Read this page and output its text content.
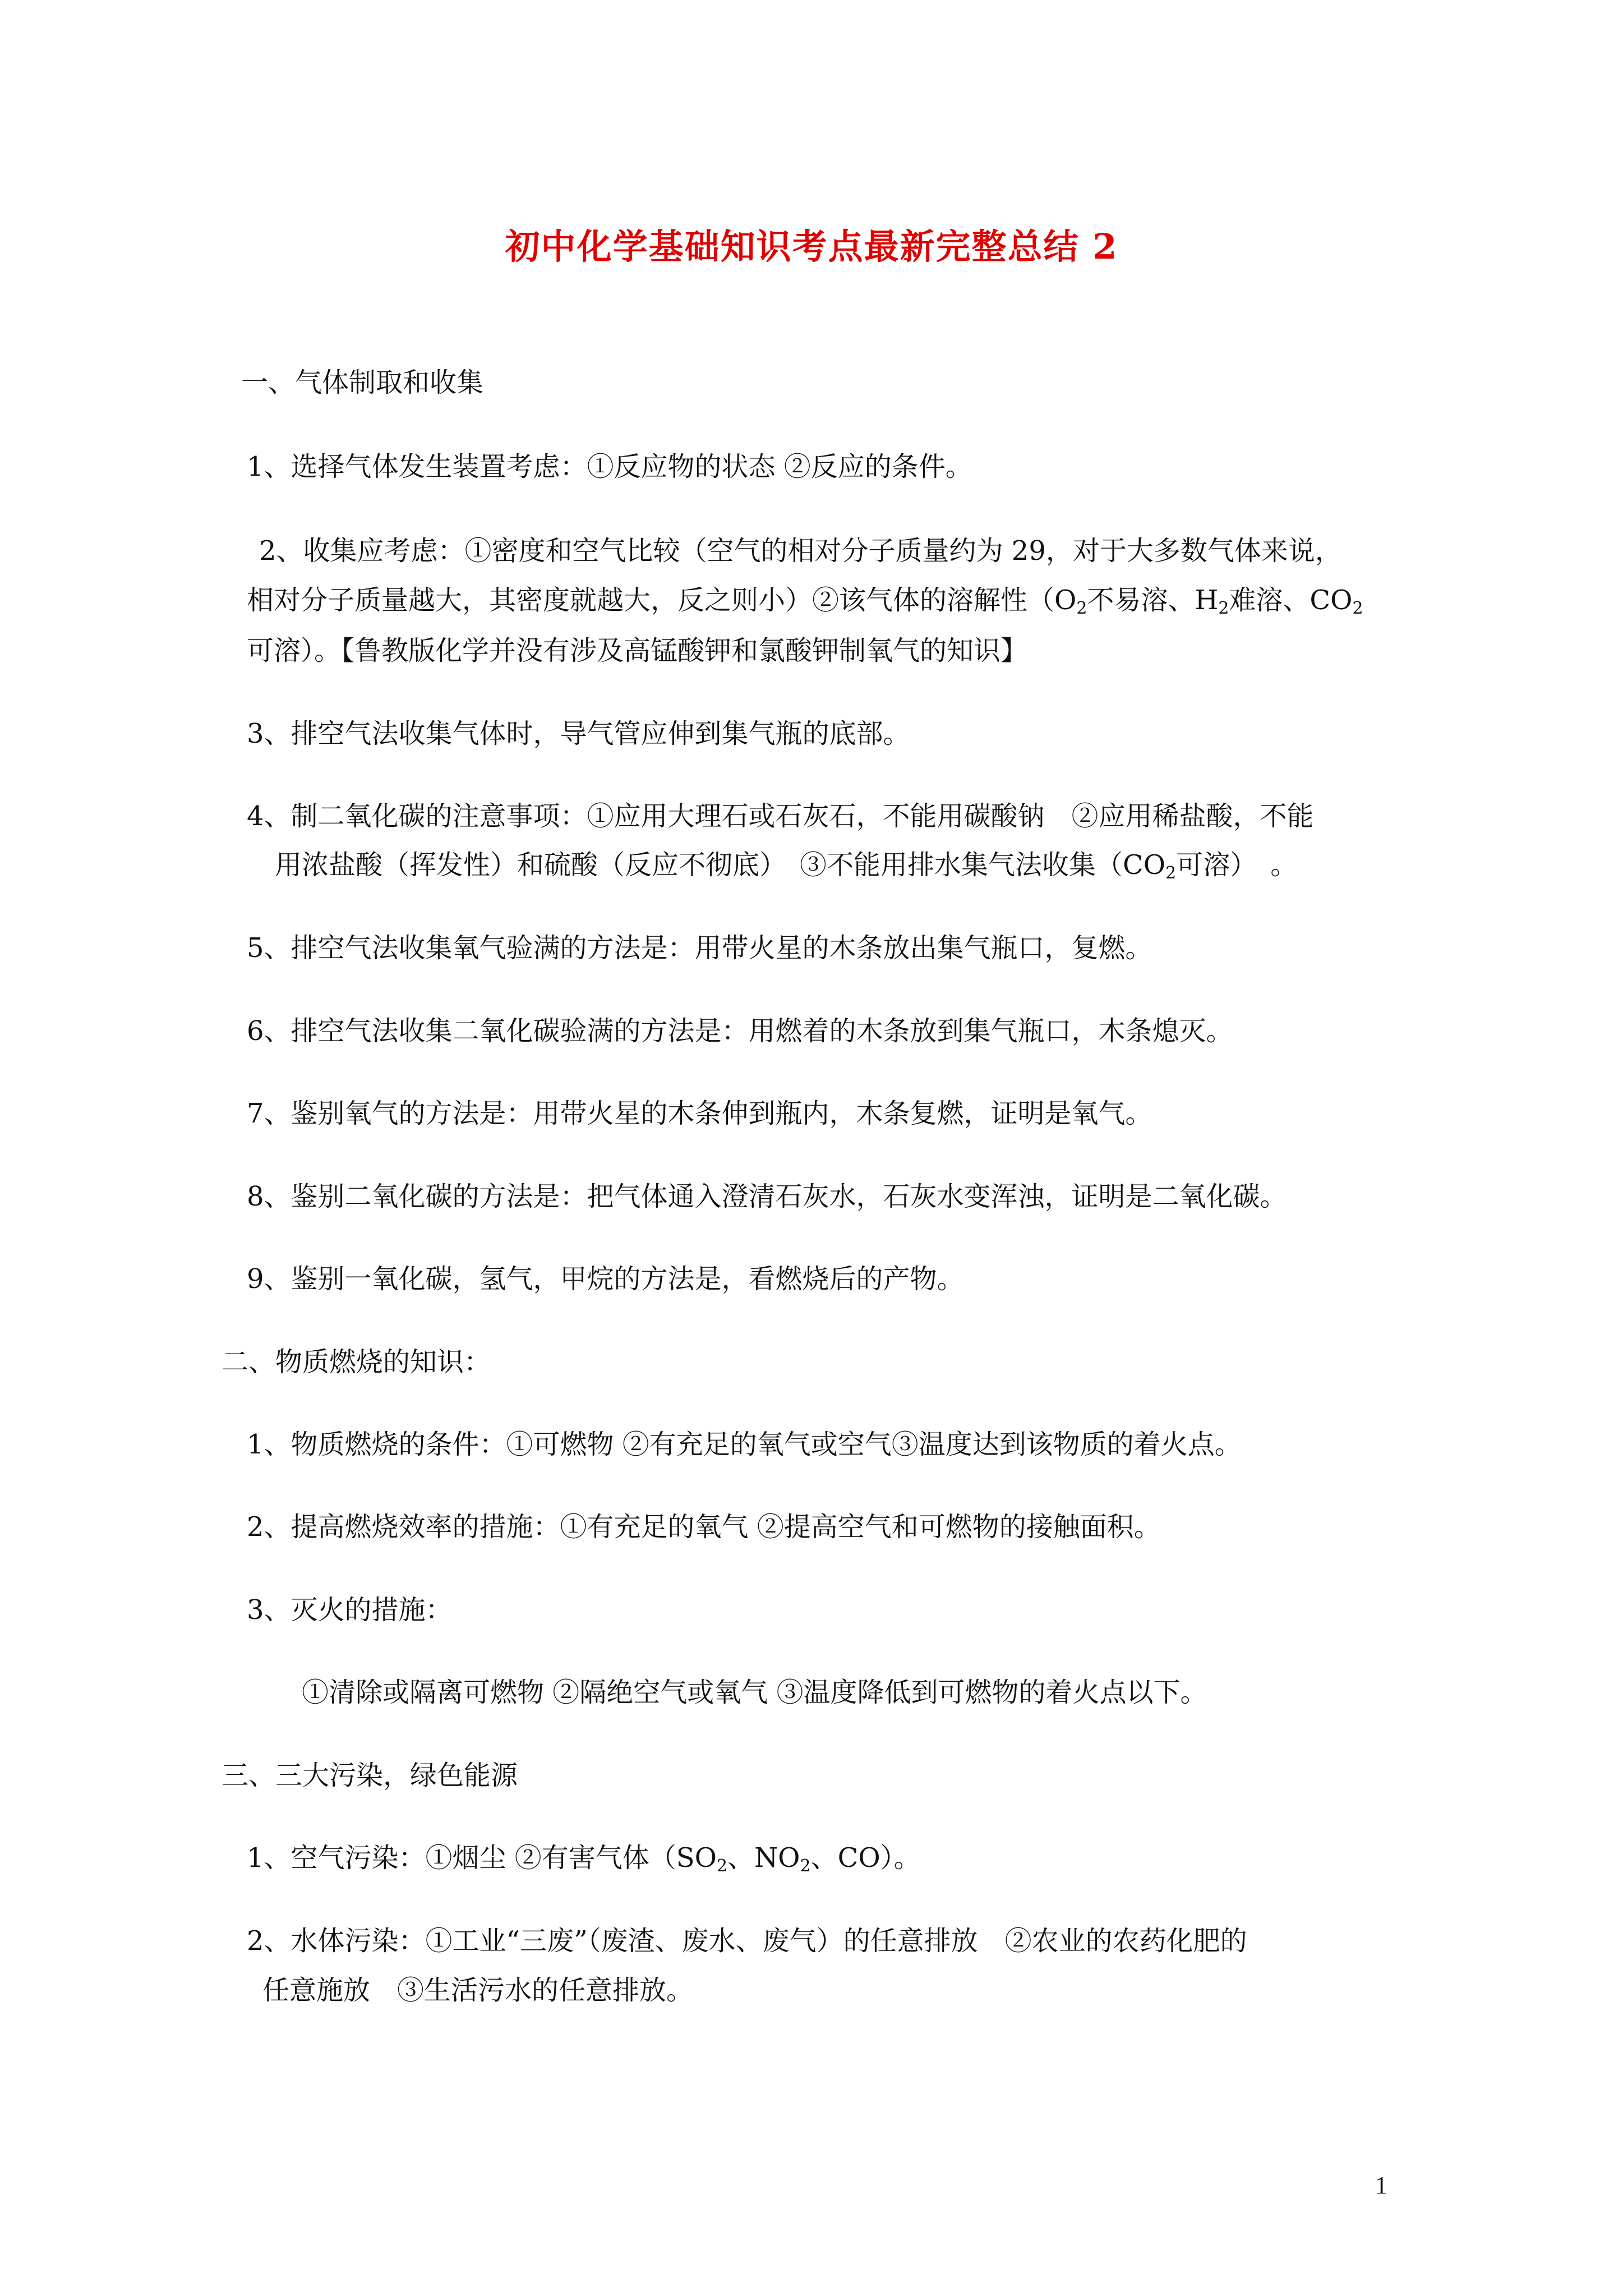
初中化学基础知识考点最新完整总结 2
一、气体制取和收集
1、选择气体发生装置考虑：①反应物的状态 ②反应的条件。
2、收集应考虑：①密度和空气比较（空气的相对分子质量约为 29，对于大多数气体来说，
相对分子质量越大，其密度就越大，反之则小）②该气体的溶解性（$O_2$不易溶、$H_2$难溶、$CO_2$
可溶）。【鲁教版化学并没有涉及高锰酸钾和氯酸钾制氧气的知识】
3、排空气法收集气体时，导气管应伸到集气瓶的底部。
4、制二氧化碳的注意事项：①应用大理石或石灰石，不能用碳酸钠　②应用稀盐酸，不能
用浓盐酸（挥发性）和硫酸（反应不彻底）　③不能用排水集气法收集（$CO_2$可溶）　。
5、排空气法收集氧气验满的方法是：用带火星的木条放出集气瓶口，复燃。
6、排空气法收集二氧化碳验满的方法是：用燃着的木条放到集气瓶口，木条熄灭。
7、鉴别氧气的方法是：用带火星的木条伸到瓶内，木条复燃，证明是氧气。
8、鉴别二氧化碳的方法是：把气体通入澄清石灰水，石灰水变浑浊，证明是二氧化碳。
9、鉴别一氧化碳，氢气，甲烷的方法是，看燃烧后的产物。
二、物质燃烧的知识：
1、物质燃烧的条件：①可燃物 ②有充足的氧气或空气③温度达到该物质的着火点。
2、提高燃烧效率的措施：①有充足的氧气 ②提高空气和可燃物的接触面积。
3、灭火的措施：
①清除或隔离可燃物 ②隔绝空气或氧气 ③温度降低到可燃物的着火点以下。
三、三大污染，绿色能源
1、空气污染：①烟尘 ②有害气体（$SO_2$、$NO_2$、CO）。
2、水体污染：①工业“三废”（废渣、废水、废气）的任意排放　②农业的农药化肥的
任意施放　③生活污水的任意排放。
1
